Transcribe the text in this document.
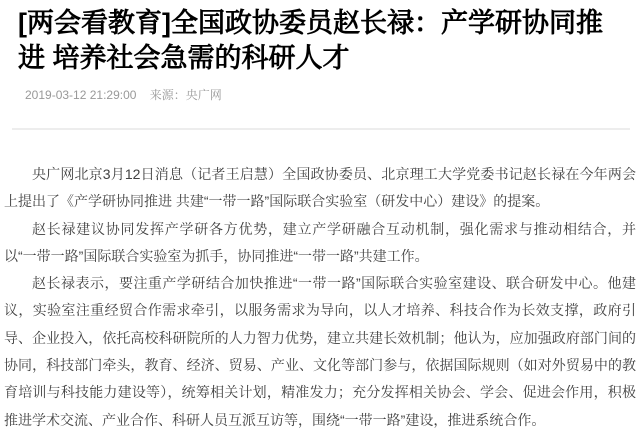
[两会看教育]全国政协委员赵长禄：产学研协同推进 培养社会急需的科研人才
2019-03-12 21:29:00 来源：央广网

央广网北京3月12日消息（记者王启慧）全国政协委员、北京理工大学党委书记赵长禄在今年两会上提出了《产学研协同推进 共建“一带一路”国际联合实验室（研发中心）建设》的提案。

赵长禄建议协同发挥产学研各方优势，建立产学研融合互动机制，强化需求与推动相结合，并以“一带一路”国际联合实验室为抓手，协同推进“一带一路”共建工作。

赵长禄表示，要注重产学研结合加快推进“一带一路”国际联合实验室建设、联合研发中心。他建议，实验室注重经贸合作需求牵引，以服务需求为导向，以人才培养、科技合作为长效支撑，政府引导、企业投入，依托高校科研院所的人力智力优势，建立共建长效机制；他认为，应加强政府部门间的协同，科技部门牵头，教育、经济、贸易、产业、文化等部门参与，依据国际规则（如对外贸易中的教育培训与科技能力建设等），统筹相关计划，精准发力；充分发挥相关协会、学会、促进会作用，积极推进学术交流、产业合作、科研人员互派互访等，围绕“一带一路”建设，推进系统合作。
